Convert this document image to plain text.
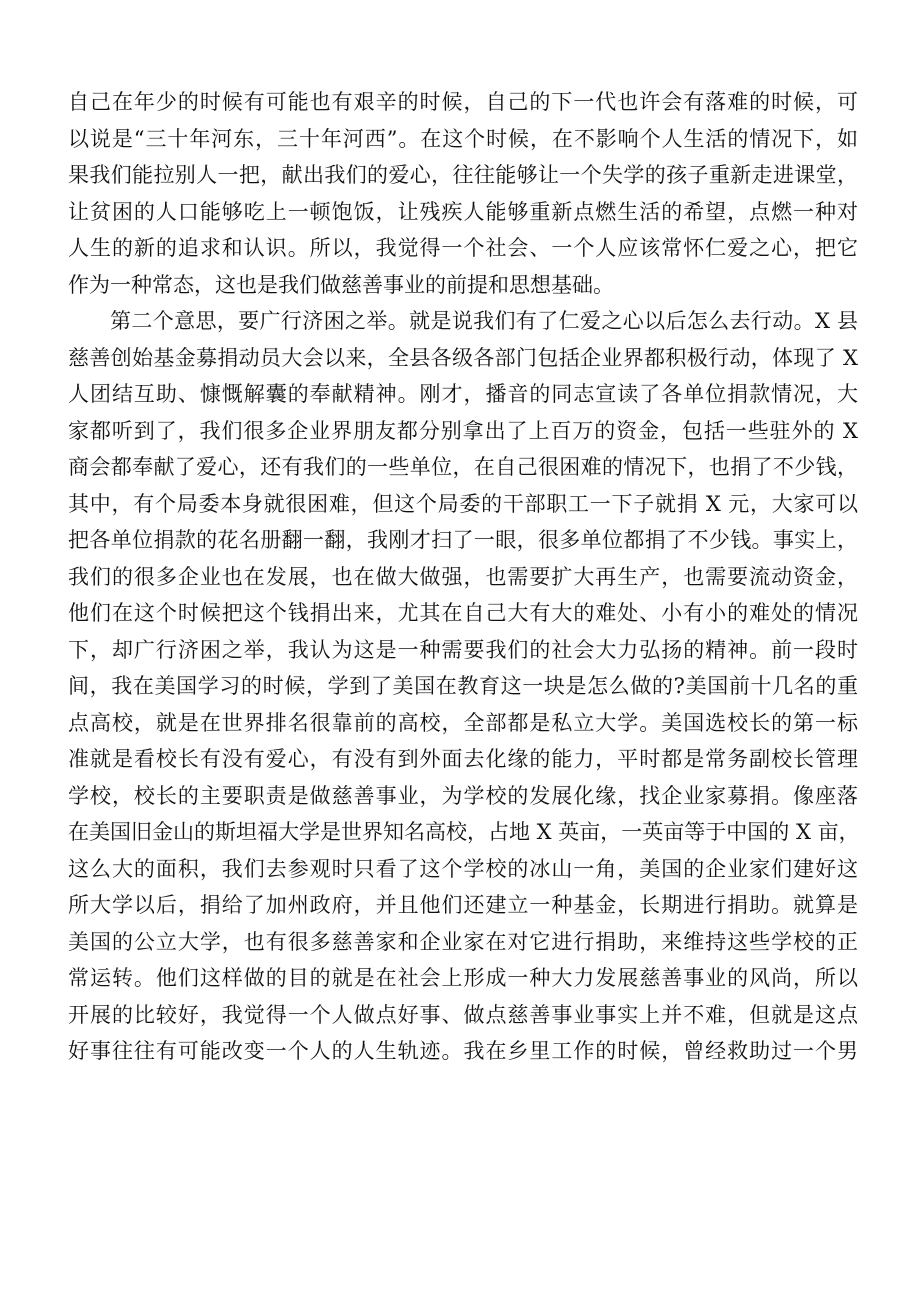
自己在年少的时候有可能也有艰辛的时候，自己的下一代也许会有落难的时候，可
以说是“三十年河东，三十年河西”。在这个时候，在不影响个人生活的情况下，如
果我们能拉别人一把，献出我们的爱心，往往能够让一个失学的孩子重新走进课堂，
让贫困的人口能够吃上一顿饱饭，让残疾人能够重新点燃生活的希望，点燃一种对
人生的新的追求和认识。所以，我觉得一个社会、一个人应该常怀仁爱之心，把它
作为一种常态，这也是我们做慈善事业的前提和思想基础。
第二个意思，要广行济困之举。就是说我们有了仁爱之心以后怎么去行动。X 县
慈善创始基金募捐动员大会以来，全县各级各部门包括企业界都积极行动，体现了 X
人团结互助、慷慨解囊的奉献精神。刚才，播音的同志宣读了各单位捐款情况，大
家都听到了，我们很多企业界朋友都分别拿出了上百万的资金，包括一些驻外的 X
商会都奉献了爱心，还有我们的一些单位，在自己很困难的情况下，也捐了不少钱，
其中，有个局委本身就很困难，但这个局委的干部职工一下子就捐 X 元，大家可以
把各单位捐款的花名册翻一翻，我刚才扫了一眼，很多单位都捐了不少钱。事实上，
我们的很多企业也在发展，也在做大做强，也需要扩大再生产，也需要流动资金，
他们在这个时候把这个钱捐出来，尤其在自己大有大的难处、小有小的难处的情况
下，却广行济困之举，我认为这是一种需要我们的社会大力弘扬的精神。前一段时
间，我在美国学习的时候，学到了美国在教育这一块是怎么做的?美国前十几名的重
点高校，就是在世界排名很靠前的高校，全部都是私立大学。美国选校长的第一标
准就是看校长有没有爱心，有没有到外面去化缘的能力，平时都是常务副校长管理
学校，校长的主要职责是做慈善事业，为学校的发展化缘，找企业家募捐。像座落
在美国旧金山的斯坦福大学是世界知名高校，占地 X 英亩，一英亩等于中国的 X 亩，
这么大的面积，我们去参观时只看了这个学校的冰山一角，美国的企业家们建好这
所大学以后，捐给了加州政府，并且他们还建立一种基金，长期进行捐助。就算是
美国的公立大学，也有很多慈善家和企业家在对它进行捐助，来维持这些学校的正
常运转。他们这样做的目的就是在社会上形成一种大力发展慈善事业的风尚，所以
开展的比较好，我觉得一个人做点好事、做点慈善事业事实上并不难，但就是这点
好事往往有可能改变一个人的人生轨迹。我在乡里工作的时候，曾经救助过一个男
